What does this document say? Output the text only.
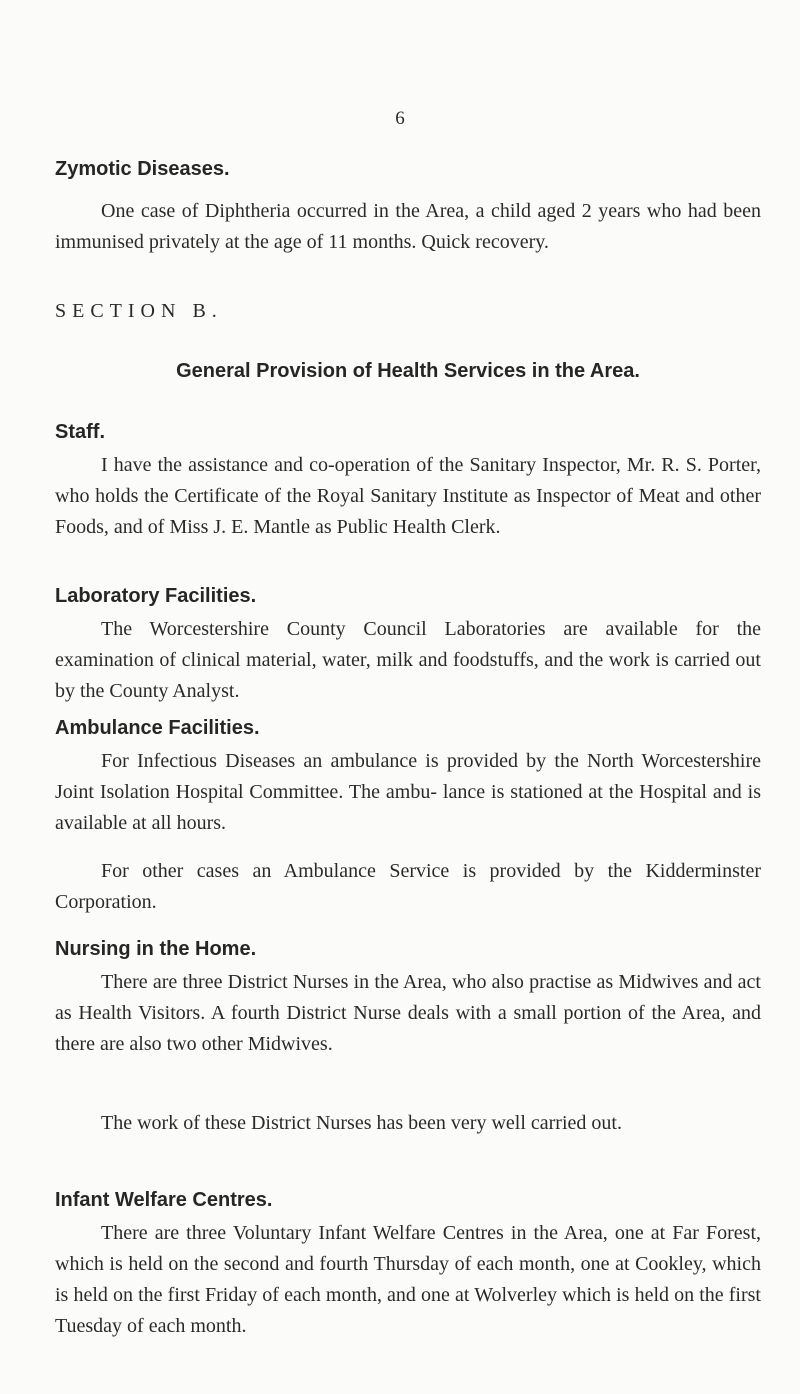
6

Zymotic Diseases.

One case of Diphtheria occurred in the Area, a child aged 2 years who had been immunised privately at the age of 11 months. Quick recovery.

SECTION B.

General Provision of Health Services in the Area.

Staff.

I have the assistance and co-operation of the Sanitary Inspector, Mr. R. S. Porter, who holds the Certificate of the Royal Sanitary Institute as Inspector of Meat and other Foods, and of Miss J. E. Mantle as Public Health Clerk.

Laboratory Facilities.

The Worcestershire County Council Laboratories are available for the examination of clinical material, water, milk and foodstuffs, and the work is carried out by the County Analyst.

Ambulance Facilities.

For Infectious Diseases an ambulance is provided by the North Worcestershire Joint Isolation Hospital Committee. The ambu- lance is stationed at the Hospital and is available at all hours.

For other cases an Ambulance Service is provided by the Kidderminster Corporation.

Nursing in the Home.

There are three District Nurses in the Area, who also practise as Midwives and act as Health Visitors. A fourth District Nurse deals with a small portion of the Area, and there are also two other Midwives.

The work of these District Nurses has been very well carried out.

Infant Welfare Centres.

There are three Voluntary Infant Welfare Centres in the Area, one at Far Forest, which is held on the second and fourth Thursday of each month, one at Cookley, which is held on the first Friday of each month, and one at Wolverley which is held on the first Tuesday of each month.
